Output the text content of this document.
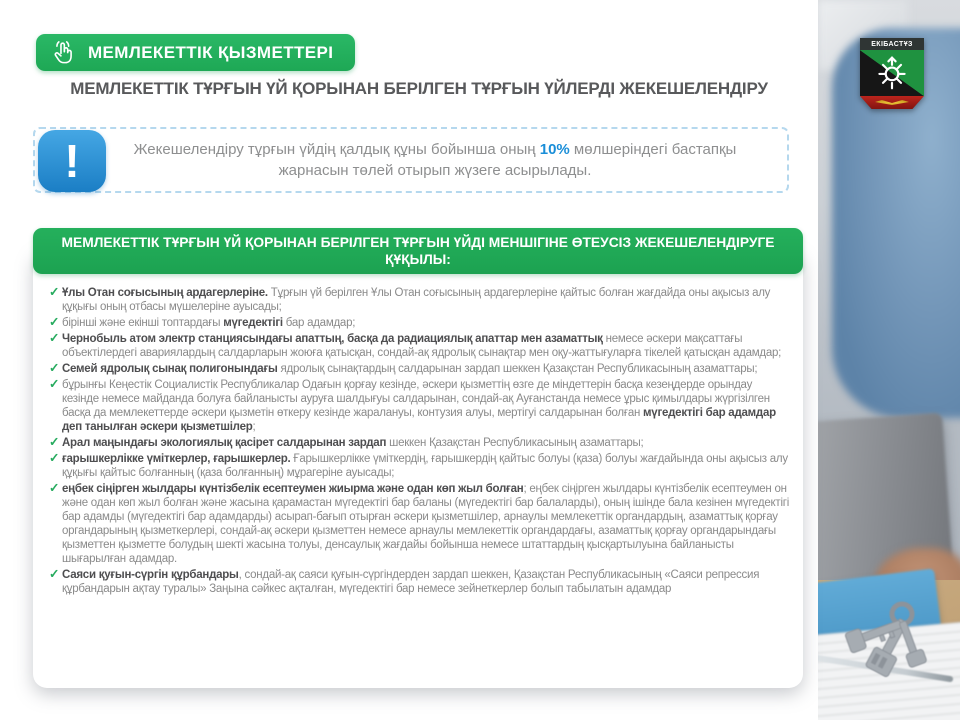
ЕКІБАСТҰЗ
МЕМЛЕКЕТТІК ҚЫЗМЕТТЕРІ
МЕМЛЕКЕТТІК ТҰРҒЫН ҮЙ ҚОРЫНАН БЕРІЛГЕН ТҰРҒЫН ҮЙЛЕРДІ ЖЕКЕШЕЛЕНДІРУ
!	Жекешелендіру тұрғын үйдің қалдық құны бойынша оның 10% мөлшеріндегі бастапқы жарнасын төлей отырып жүзеге асырылады.
МЕМЛЕКЕТТІК ТҰРҒЫН ҮЙ ҚОРЫНАН БЕРІЛГЕН ТҰРҒЫН ҮЙДІ МЕНШІГІНЕ ӨТЕУСІЗ ЖЕКЕШЕЛЕНДІРУГЕ ҚҰҚЫЛЫ:
✓ Ұлы Отан соғысының ардагерлеріне. Тұрғын үй берілген Ұлы Отан соғысының ардагерлеріне қайтыс болған жағдайда оны ақысыз алу құқығы оның отбасы мүшелеріне ауысады;
✓ бірінші және екінші топтардағы мүгедектігі бар адамдар;
✓ Чернобыль атом электр станциясындағы апаттың, басқа да радиациялық апаттар мен азаматтық немесе әскери мақсаттағы объектілердегі авариялардың салдарларын жоюға қатысқан, сондай-ақ ядролық сынақтар мен оқу-жаттығуларға тікелей қатысқан адамдар;
✓ Семей ядролық сынақ полигонындағы ядролық сынақтардың салдарынан зардап шеккен Қазақстан Республикасының азаматтары;
✓ бұрынғы Кеңестік Социалистік Республикалар Одағын қорғау кезінде, әскери қызметтің өзге де міндеттерін басқа кезеңдерде орындау кезінде немесе майданда болуға байланысты ауруға шалдығуы салдарынан, сондай-ақ Ауғанстанда немесе ұрыс қимылдары жүргізілген басқа да мемлекеттерде әскери қызметін өткеру кезінде жаралануы, контузия алуы, мертігуі салдарынан болған мүгедектігі бар адамдар деп танылған әскери қызметшілер;
✓ Арал маңындағы экологиялық қасірет салдарынан зардап шеккен Қазақстан Республикасының азаматтары;
✓ ғарышкерлікке үміткерлер, ғарышкерлер. Ғарышкерлікке үміткердің, ғарышкердің қайтыс болуы (қаза) болуы жағдайында оны ақысыз алу құқығы қайтыс болғанның (қаза болғанның) мұрагеріне ауысады;
✓ еңбек сіңірген жылдары күнтізбелік есептеумен жиырма және одан көп жыл болған; еңбек сіңірген жылдары күнтізбелік есептеумен он және одан көп жыл болған және жасына қарамастан мүгедектігі бар баланы (мүгедектігі бар балаларды), оның ішінде бала кезінен мүгедектігі бар адамды (мүгедектігі бар адамдарды) асырап-бағып отырған әскери қызметшілер, арнаулы мемлекеттік органдардың, азаматтық қорғау органдарының қызметкерлері, сондай-ақ әскери қызметтен немесе арнаулы мемлекеттік органдардағы, азаматтық қорғау органдарындағы қызметтен қызметте болудың шекті жасына толуы, денсаулық жағдайы бойынша немесе штаттардың қысқартылуына байланысты шығарылған адамдар.
✓ Саяси қуғын-сүргін құрбандары, сондай-ақ саяси қуғын-сүргіндерден зардап шеккен, Қазақстан Республикасының «Саяси репрессия құрбандарын ақтау туралы» Заңына сәйкес ақталған, мүгедектігі бар немесе зейнеткерлер болып табылатын адамдар
